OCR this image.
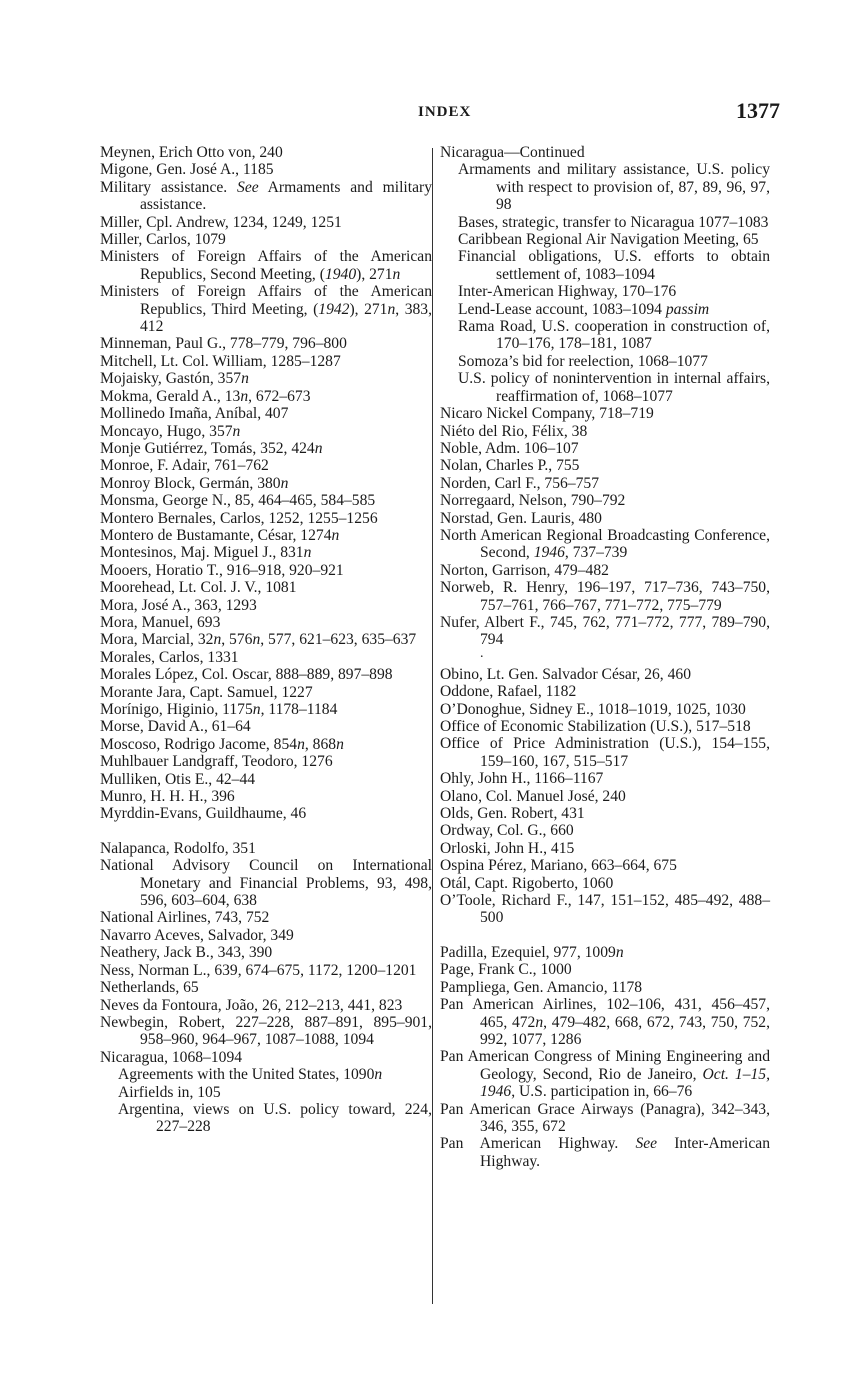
INDEX	1377
Meynen, Erich Otto von, 240
Migone, Gen. José A., 1185
Military assistance. See Armaments and military assistance.
Miller, Cpl. Andrew, 1234, 1249, 1251
Miller, Carlos, 1079
Ministers of Foreign Affairs of the American Republics, Second Meeting, (1940), 271n
Ministers of Foreign Affairs of the American Republics, Third Meeting, (1942), 271n, 383, 412
Minneman, Paul G., 778–779, 796–800
Mitchell, Lt. Col. William, 1285–1287
Mojaisky, Gastón, 357n
Mokma, Gerald A., 13n, 672–673
Mollinedo Imaña, Aníbal, 407
Moncayo, Hugo, 357n
Monje Gutiérrez, Tomás, 352, 424n
Monroe, F. Adair, 761–762
Monroy Block, Germán, 380n
Monsma, George N., 85, 464–465, 584–585
Montero Bernales, Carlos, 1252, 1255–1256
Montero de Bustamante, César, 1274n
Montesinos, Maj. Miguel J., 831n
Mooers, Horatio T., 916–918, 920–921
Moorehead, Lt. Col. J. V., 1081
Mora, José A., 363, 1293
Mora, Manuel, 693
Mora, Marcial, 32n, 576n, 577, 621–623, 635–637
Morales, Carlos, 1331
Morales López, Col. Oscar, 888–889, 897–898
Morante Jara, Capt. Samuel, 1227
Morínigo, Higinio, 1175n, 1178–1184
Morse, David A., 61–64
Moscoso, Rodrigo Jacome, 854n, 868n
Muhlbauer Landgraff, Teodoro, 1276
Mulliken, Otis E., 42–44
Munro, H. H. H., 396
Myrddin-Evans, Guildhaume, 46
Nalapanca, Rodolfo, 351
National Advisory Council on International Monetary and Financial Problems, 93, 498, 596, 603–604, 638
National Airlines, 743, 752
Navarro Aceves, Salvador, 349
Neathery, Jack B., 343, 390
Ness, Norman L., 639, 674–675, 1172, 1200–1201
Netherlands, 65
Neves da Fontoura, João, 26, 212–213, 441, 823
Newbegin, Robert, 227–228, 887–891, 895–901, 958–960, 964–967, 1087–1088, 1094
Nicaragua, 1068–1094
Agreements with the United States, 1090n
Airfields in, 105
Argentina, views on U.S. policy toward, 224, 227–228
Nicaragua—Continued
Armaments and military assistance, U.S. policy with respect to provision of, 87, 89, 96, 97, 98
Bases, strategic, transfer to Nicaragua 1077–1083
Caribbean Regional Air Navigation Meeting, 65
Financial obligations, U.S. efforts to obtain settlement of, 1083–1094
Inter-American Highway, 170–176
Lend-Lease account, 1083–1094 passim
Rama Road, U.S. cooperation in construction of, 170–176, 178–181, 1087
Somoza’s bid for reelection, 1068–1077
U.S. policy of nonintervention in internal affairs, reaffirmation of, 1068–1077
Nicaro Nickel Company, 718–719
Niéto del Rio, Félix, 38
Noble, Adm. 106–107
Nolan, Charles P., 755
Norden, Carl F., 756–757
Norregaard, Nelson, 790–792
Norstad, Gen. Lauris, 480
North American Regional Broadcasting Conference, Second, 1946, 737–739
Norton, Garrison, 479–482
Norweb, R. Henry, 196–197, 717–736, 743–750, 757–761, 766–767, 771–772, 775–779
Nufer, Albert F., 745, 762, 771–772, 777, 789–790, 794
.
Obino, Lt. Gen. Salvador César, 26, 460
Oddone, Rafael, 1182
O’Donoghue, Sidney E., 1018–1019, 1025, 1030
Office of Economic Stabilization (U.S.), 517–518
Office of Price Administration (U.S.), 154–155, 159–160, 167, 515–517
Ohly, John H., 1166–1167
Olano, Col. Manuel José, 240
Olds, Gen. Robert, 431
Ordway, Col. G., 660
Orloski, John H., 415
Ospina Pérez, Mariano, 663–664, 675
Otál, Capt. Rigoberto, 1060
O’Toole, Richard F., 147, 151–152, 485–492, 488–500
Padilla, Ezequiel, 977, 1009n
Page, Frank C., 1000
Pampliega, Gen. Amancio, 1178
Pan American Airlines, 102–106, 431, 456–457, 465, 472n, 479–482, 668, 672, 743, 750, 752, 992, 1077, 1286
Pan American Congress of Mining Engineering and Geology, Second, Rio de Janeiro, Oct. 1–15, 1946, U.S. participation in, 66–76
Pan American Grace Airways (Panagra), 342–343, 346, 355, 672
Pan American Highway. See Inter-American Highway.
